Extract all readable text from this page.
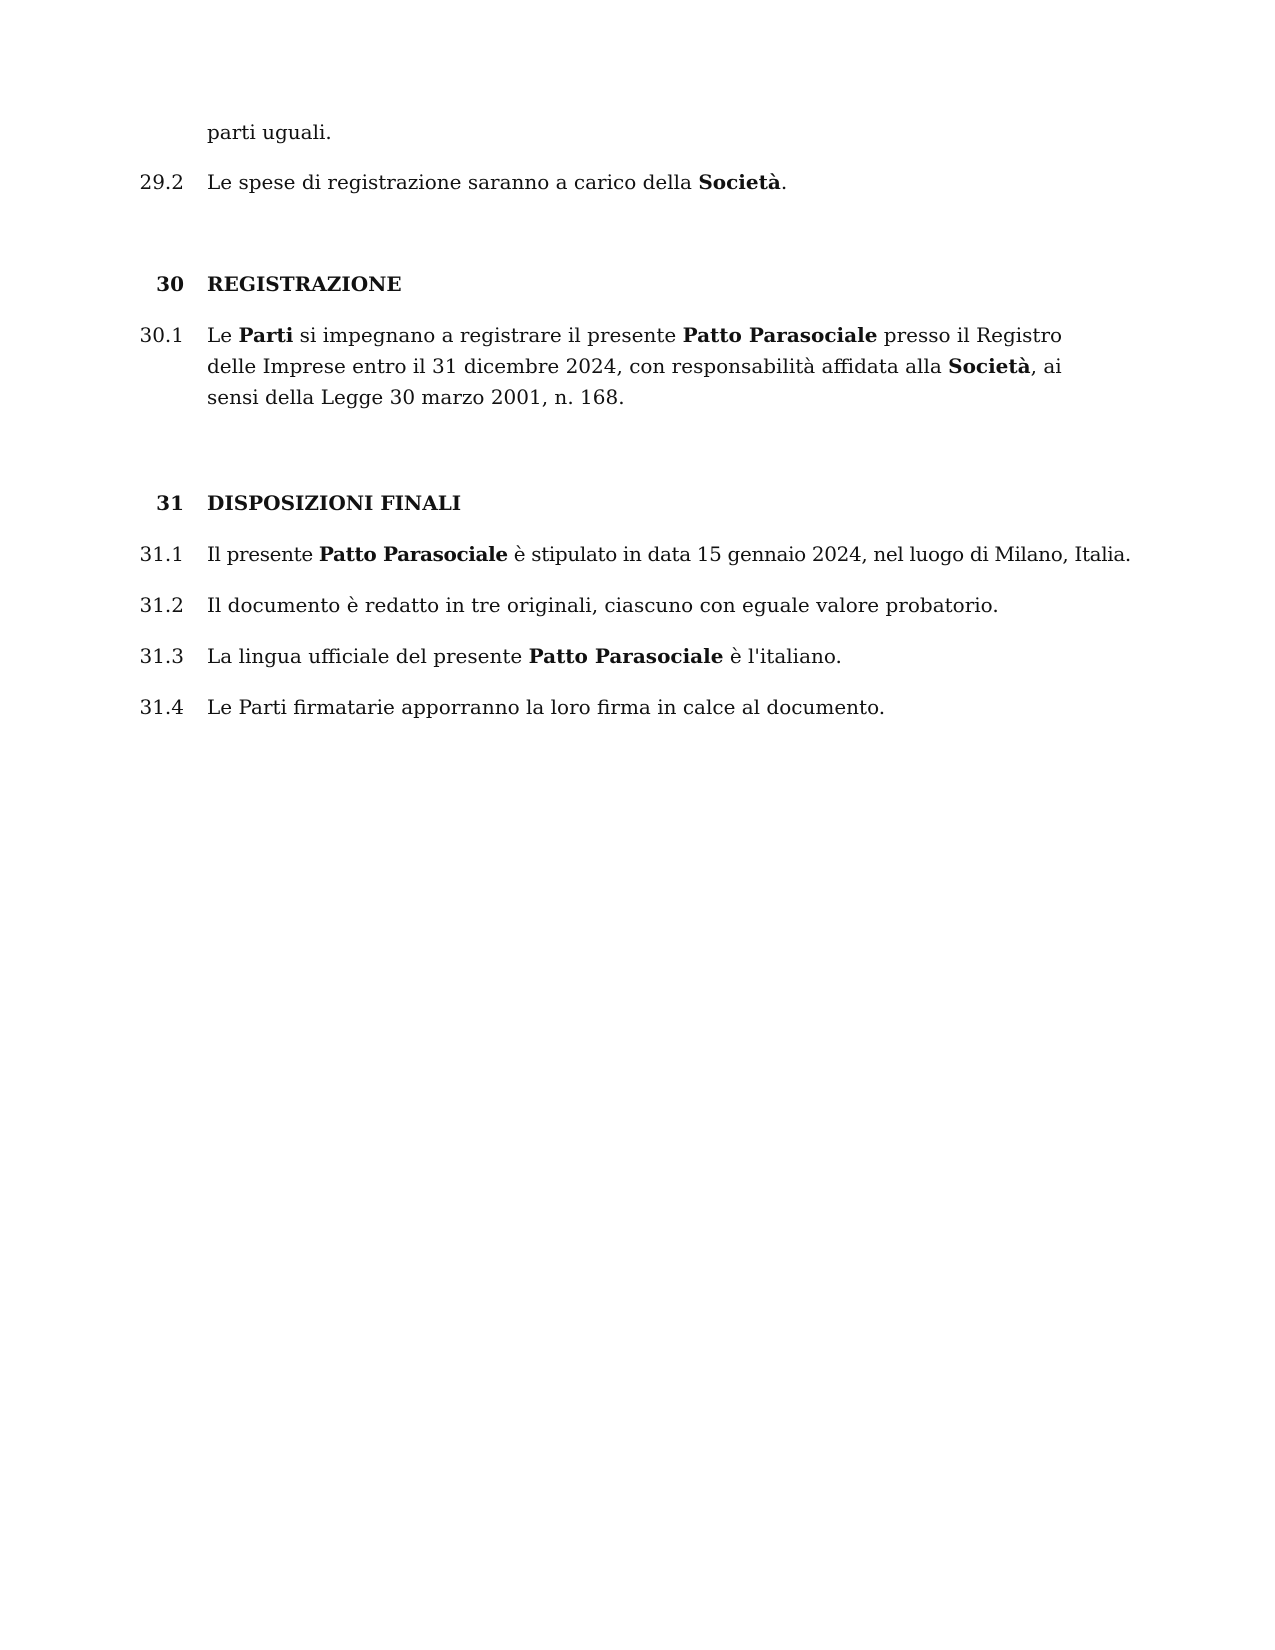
parti uguali.
29.2 Le spese di registrazione saranno a carico della Società.
30 REGISTRAZIONE
30.1 Le Parti si impegnano a registrare il presente Patto Parasociale presso il Registro delle Imprese entro il 31 dicembre 2024, con responsabilità affidata alla Società, ai sensi della Legge 30 marzo 2001, n. 168.
31 DISPOSIZIONI FINALI
31.1 Il presente Patto Parasociale è stipulato in data 15 gennaio 2024, nel luogo di Milano, Italia.
31.2 Il documento è redatto in tre originali, ciascuno con eguale valore probatorio.
31.3 La lingua ufficiale del presente Patto Parasociale è l'italiano.
31.4 Le Parti firmatarie apporranno la loro firma in calce al documento.
